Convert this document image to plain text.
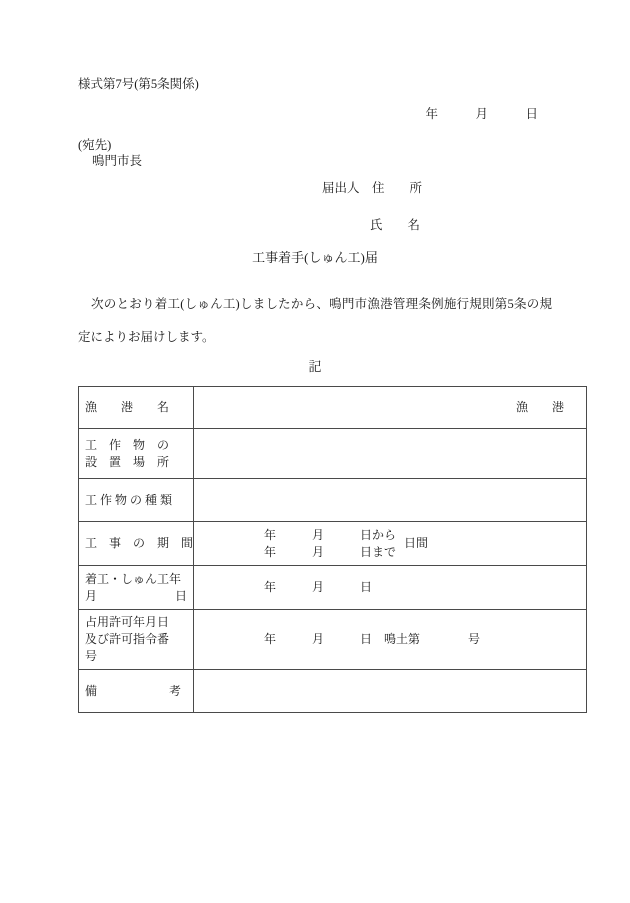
様式第7号(第5条関係)
年　　　月　　　日
(宛先)
鳴門市長
届出人　住　　所
氏　　名
工事着手(しゅん工)届
次のとおり着工(しゅん工)しましたから、鳴門市漁港管理条例施行規則第5条の規定によりお届けします。
記
漁　　港　　名	漁　　港

工　作　物　の
設　置　場　所	

工 作 物 の 種 類	

工　事　の　期　間	年　　　月　　　日から
年　　　月　　　日まで
日間

着工・しゅん工年
月 日	年　　　月　　　日

占用許可年月日
及び許可指令番
号	年　　　月　　　日　鳴土第　　　　号

備　　　　　　考	
